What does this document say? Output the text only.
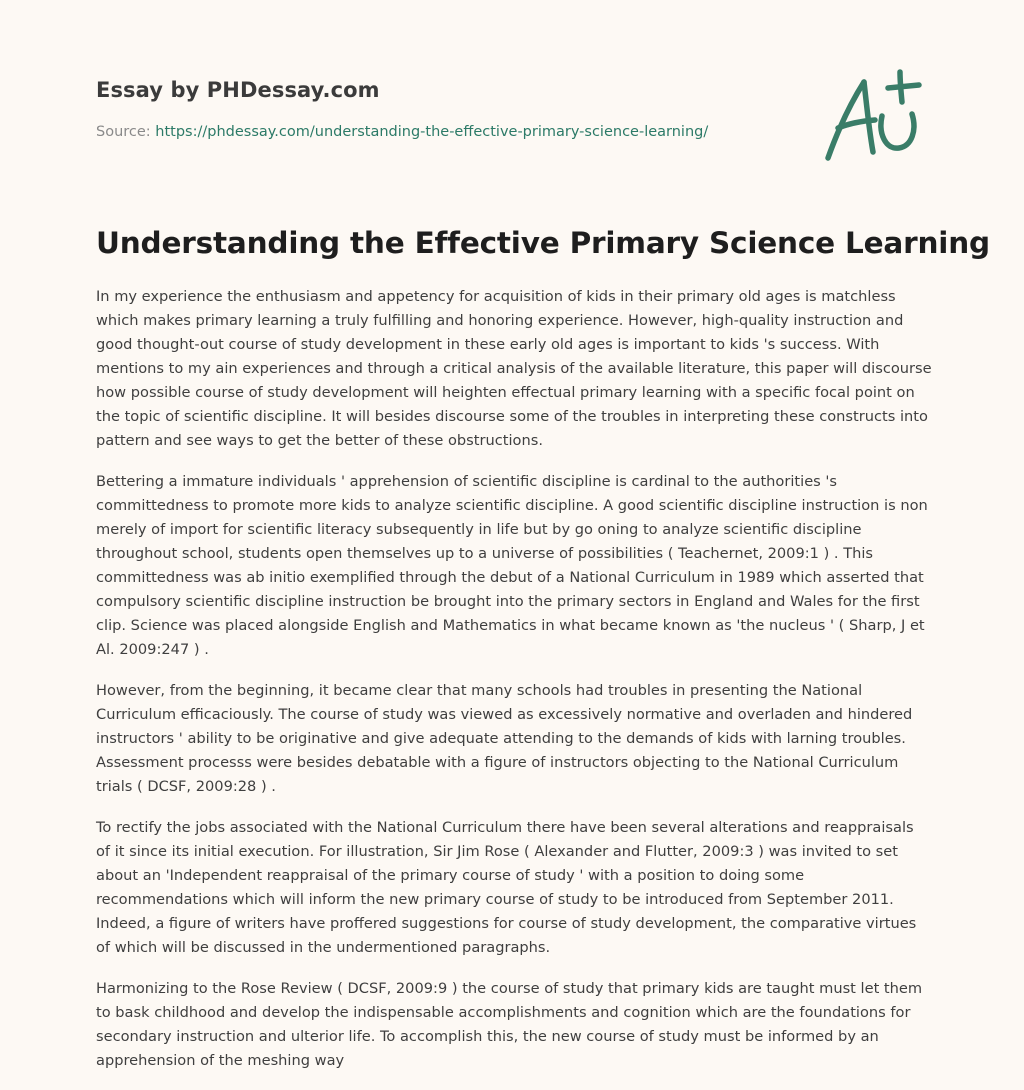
Essay by PHDessay.com
Source: https://phdessay.com/understanding-the-effective-primary-science-learning/
Understanding the Effective Primary Science Learning

In my experience the enthusiasm and appetency for acquisition of kids in their primary old ages is matchless which makes primary learning a truly fulfilling and honoring experience. However, high-quality instruction and good thought-out course of study development in these early old ages is important to kids 's success. With mentions to my ain experiences and through a critical analysis of the available literature, this paper will discourse how possible course of study development will heighten effectual primary learning with a specific focal point on the topic of scientific discipline. It will besides discourse some of the troubles in interpreting these constructs into pattern and see ways to get the better of these obstructions.

Bettering a immature individuals ' apprehension of scientific discipline is cardinal to the authorities 's committedness to promote more kids to analyze scientific discipline. A good scientific discipline instruction is non merely of import for scientific literacy subsequently in life but by go oning to analyze scientific discipline throughout school, students open themselves up to a universe of possibilities ( Teachernet, 2009:1 ) . This committedness was ab initio exemplified through the debut of a National Curriculum in 1989 which asserted that compulsory scientific discipline instruction be brought into the primary sectors in England and Wales for the first clip. Science was placed alongside English and Mathematics in what became known as 'the nucleus ' ( Sharp, J et Al. 2009:247 ) .

However, from the beginning, it became clear that many schools had troubles in presenting the National Curriculum efficaciously. The course of study was viewed as excessively normative and overladen and hindered instructors ' ability to be originative and give adequate attending to the demands of kids with larning troubles. Assessment processs were besides debatable with a figure of instructors objecting to the National Curriculum trials ( DCSF, 2009:28 ) .

To rectify the jobs associated with the National Curriculum there have been several alterations and reappraisals of it since its initial execution. For illustration, Sir Jim Rose ( Alexander and Flutter, 2009:3 ) was invited to set about an 'Independent reappraisal of the primary course of study ' with a position to doing some recommendations which will inform the new primary course of study to be introduced from September 2011. Indeed, a figure of writers have proffered suggestions for course of study development, the comparative virtues of which will be discussed in the undermentioned paragraphs.

Harmonizing to the Rose Review ( DCSF, 2009:9 ) the course of study that primary kids are taught must let them to bask childhood and develop the indispensable accomplishments and cognition which are the foundations for secondary instruction and ulterior life. To accomplish this, the new course of study must be informed by an apprehension of the meshing way
